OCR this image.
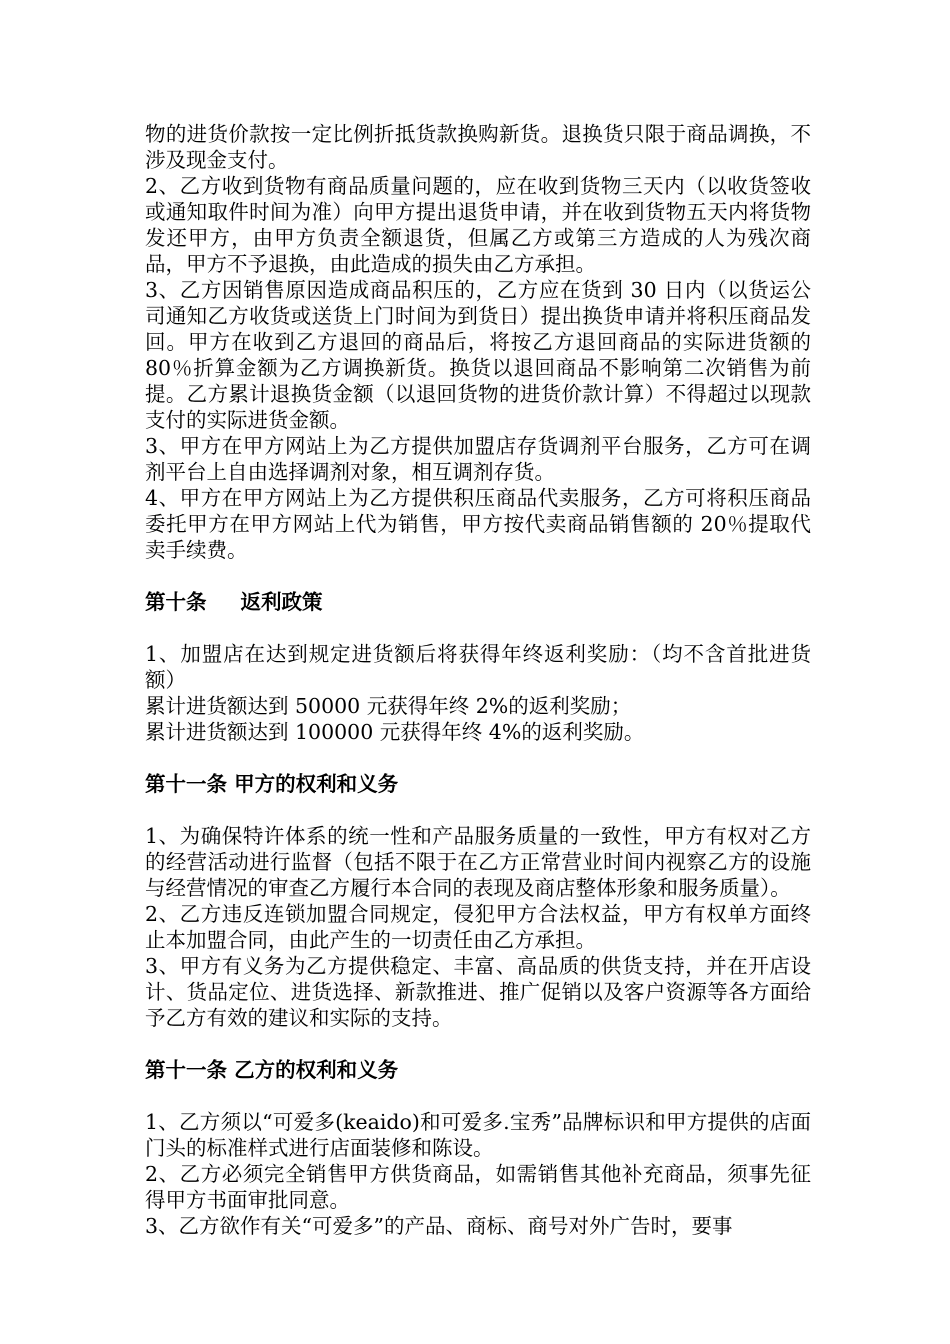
物的进货价款按一定比例折抵货款换购新货。退换货只限于商品调换，不涉及现金支付。

2、乙方收到货物有商品质量问题的，应在收到货物三天内（以收货签收或通知取件时间为准）向甲方提出退货申请，并在收到货物五天内将货物发还甲方，由甲方负责全额退货，但属乙方或第三方造成的人为残次商品，甲方不予退换，由此造成的损失由乙方承担。

3、乙方因销售原因造成商品积压的，乙方应在货到 30 日内（以货运公司通知乙方收货或送货上门时间为到货日）提出换货申请并将积压商品发回。甲方在收到乙方退回的商品后，将按乙方退回商品的实际进货额的 80％折算金额为乙方调换新货。换货以退回商品不影响第二次销售为前提。乙方累计退换货金额（以退回货物的进货价款计算）不得超过以现款支付的实际进货金额。

3、甲方在甲方网站上为乙方提供加盟店存货调剂平台服务，乙方可在调剂平台上自由选择调剂对象，相互调剂存货。

4、甲方在甲方网站上为乙方提供积压商品代卖服务，乙方可将积压商品委托甲方在甲方网站上代为销售，甲方按代卖商品销售额的 20％提取代卖手续费。

第十条 返利政策

1、加盟店在达到规定进货额后将获得年终返利奖励：（均不含首批进货额）

累计进货额达到 50000 元获得年终 2%的返利奖励；

累计进货额达到 100000 元获得年终 4%的返利奖励。

第十一条 甲方的权利和义务

1、为确保特许体系的统一性和产品服务质量的一致性，甲方有权对乙方的经营活动进行监督（包括不限于在乙方正常营业时间内视察乙方的设施与经营情况的审查乙方履行本合同的表现及商店整体形象和服务质量）。

2、乙方违反连锁加盟合同规定，侵犯甲方合法权益，甲方有权单方面终止本加盟合同，由此产生的一切责任由乙方承担。

3、甲方有义务为乙方提供稳定、丰富、高品质的供货支持，并在开店设计、货品定位、进货选择、新款推进、推广促销以及客户资源等各方面给予乙方有效的建议和实际的支持。

第十一条 乙方的权利和义务

1、乙方须以“可爱多(keaido)和可爱多.宝秀”品牌标识和甲方提供的店面门头的标准样式进行店面装修和陈设。

2、乙方必须完全销售甲方供货商品，如需销售其他补充商品，须事先征得甲方书面审批同意。

3、乙方欲作有关“可爱多”的产品、商标、商号对外广告时，要事
